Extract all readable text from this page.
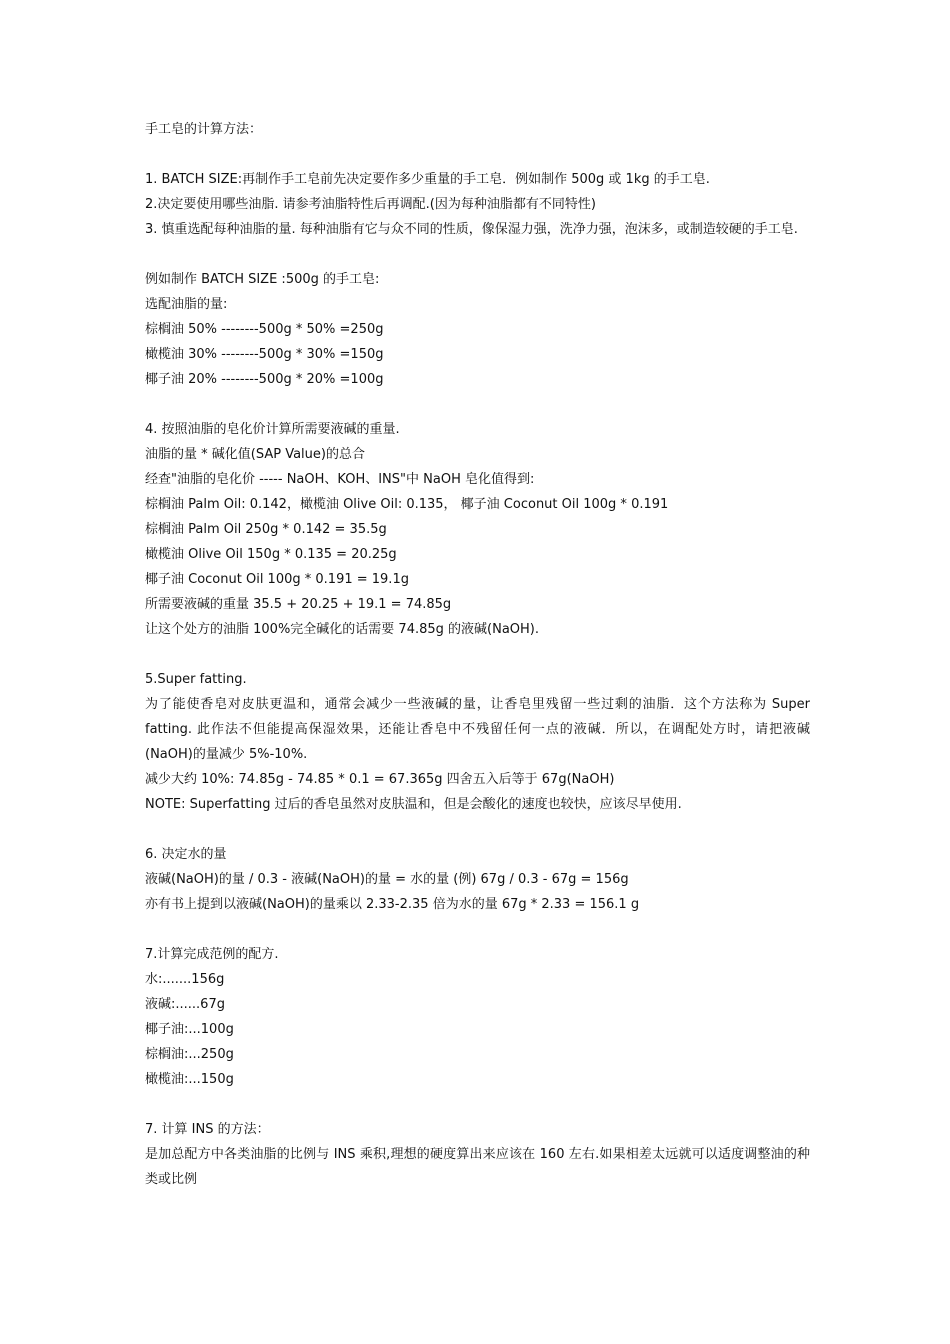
手工皂的计算方法：
1. BATCH SIZE:再制作手工皂前先决定要作多少重量的手工皂．例如制作 500g 或 1kg 的手工皂.
2.决定要使用哪些油脂. 请参考油脂特性后再调配.(因为每种油脂都有不同特性)
3. 慎重选配每种油脂的量. 每种油脂有它与众不同的性质，像保湿力强，洗净力强，泡沫多，或制造较硬的手工皂.
例如制作 BATCH SIZE :500g 的手工皂:
选配油脂的量:
棕榈油 50% --------500g * 50% =250g
橄榄油 30% --------500g * 30% =150g
椰子油 20% --------500g * 20% =100g
4. 按照油脂的皂化价计算所需要液碱的重量.
油脂的量 * 碱化值(SAP Value)的总合
经查"油脂的皂化价 ----- NaOH、KOH、INS"中 NaOH 皂化值得到:
棕榈油 Palm Oil: 0.142，橄榄油 Olive Oil: 0.135， 椰子油 Coconut Oil 100g * 0.191
棕榈油 Palm Oil 250g * 0.142 = 35.5g
橄榄油 Olive Oil 150g * 0.135 = 20.25g
椰子油 Coconut Oil 100g * 0.191 = 19.1g
所需要液碱的重量 35.5 + 20.25 + 19.1 = 74.85g
让这个处方的油脂 100%完全碱化的话需要 74.85g 的液碱(NaOH).
5.Super fatting.
为了能使香皂对皮肤更温和，通常会减少一些液碱的量，让香皂里残留一些过剩的油脂．这个方法称为 Super fatting. 此作法不但能提高保湿效果，还能让香皂中不残留任何一点的液碱．所以，在调配处方时，请把液碱(NaOH)的量减少 5%-10%.
减少大约 10%: 74.85g - 74.85 * 0.1 = 67.365g 四舍五入后等于 67g(NaOH)
NOTE: Superfatting 过后的香皂虽然对皮肤温和，但是会酸化的速度也较快，应该尽早使用.
6. 决定水的量
液碱(NaOH)的量 / 0.3 - 液碱(NaOH)的量 = 水的量 (例) 67g / 0.3 - 67g = 156g
亦有书上提到以液碱(NaOH)的量乘以 2.33-2.35 倍为水的量 67g * 2.33 = 156.1 g
7.计算完成范例的配方.
水:.......156g
液碱:......67g
椰子油:...100g
棕榈油:...250g
橄榄油:...150g
7. 计算 INS 的方法：
是加总配方中各类油脂的比例与 INS 乘积,理想的硬度算出来应该在 160 左右.如果相差太远就可以适度调整油的种类或比例
